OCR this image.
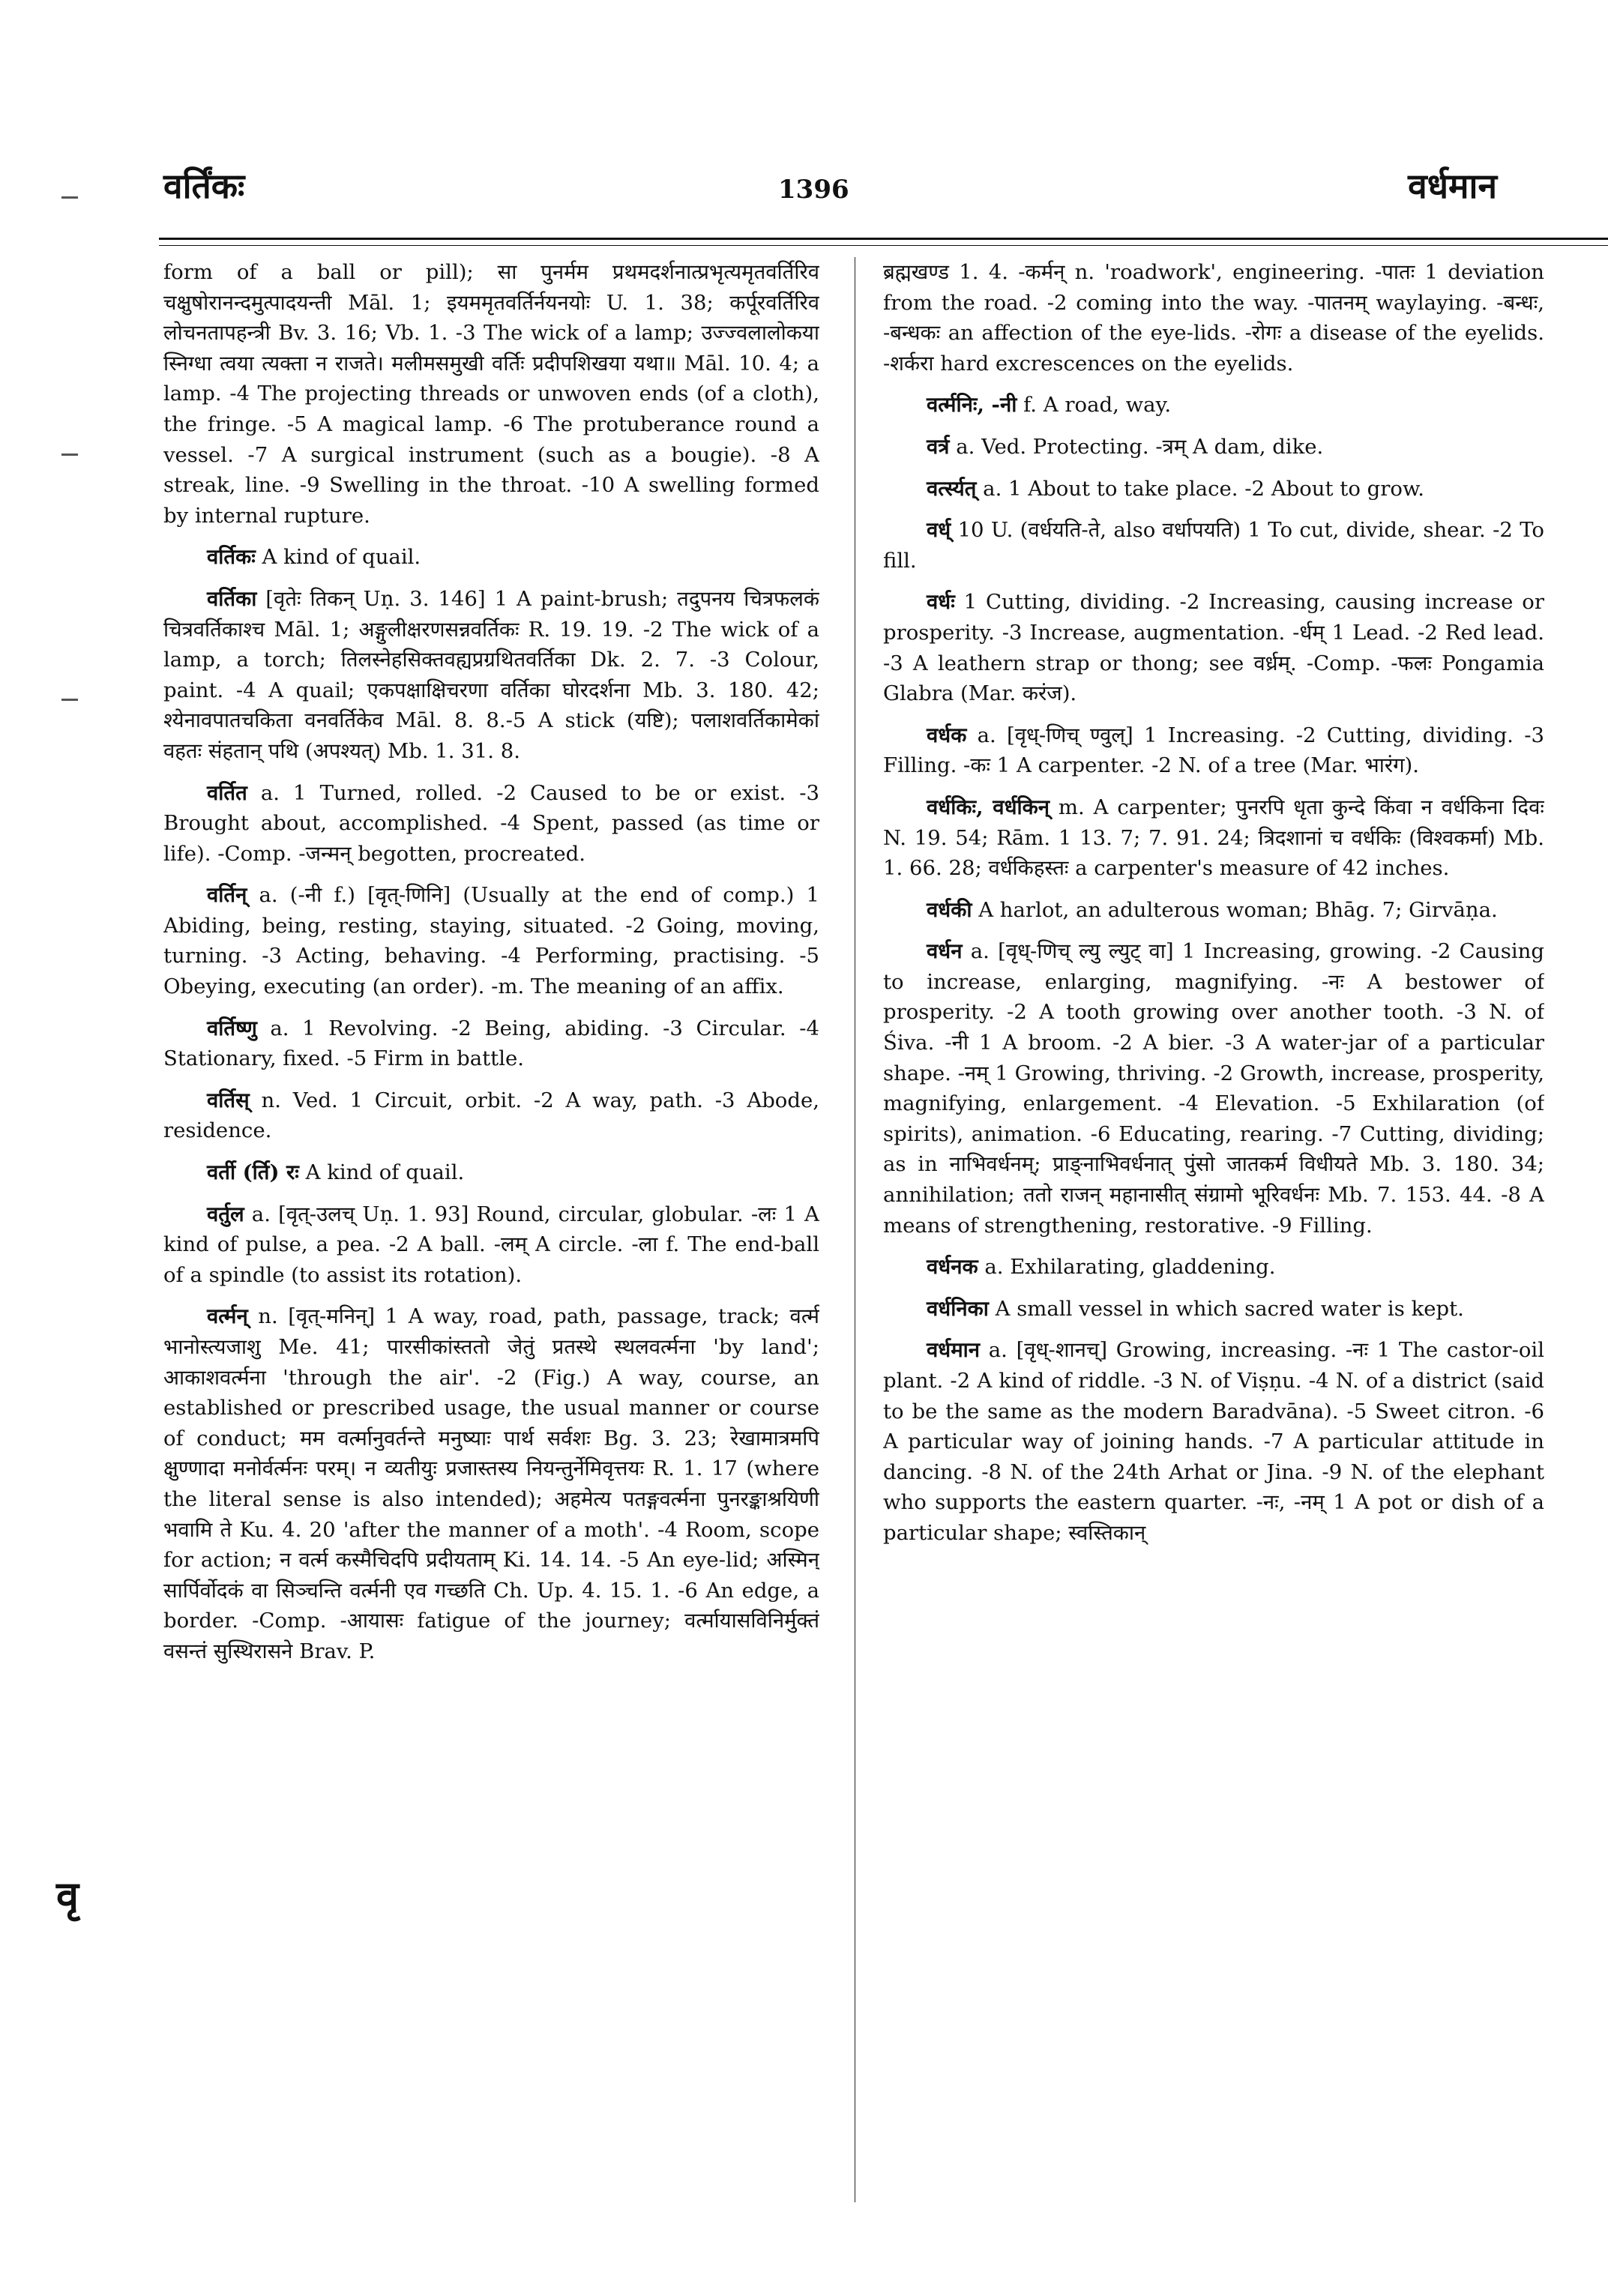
वर्तिंकः	1396	वर्धमान
वृ

form of a ball or pill); सा पुनर्मम प्रथमदर्शनात्प्रभृत्यमृतवर्तिरिव चक्षुषोरानन्दमुत्पादयन्ती Māl. 1; इयममृतवर्तिर्नयनयोः U. 1. 38; कर्पूरवर्तिरिव लोचनतापहन्त्री Bv. 3. 16; Vb. 1. -3 The wick of a lamp; उज्ज्वलालोकया स्निग्धा त्वया त्यक्ता न राजते। मलीमसमुखी वर्तिः प्रदीपशिखया यथा॥ Māl. 10. 4; a lamp. -4 The projecting threads or unwoven ends (of a cloth), the fringe. -5 A magical lamp. -6 The protuberance round a vessel. -7 A surgical instrument (such as a bougie). -8 A streak, line. -9 Swelling in the throat. -10 A swelling formed by internal rupture.

वर्तिकः A kind of quail.

वर्तिका [वृतेः तिकन् Uṇ. 3. 146] 1 A paint-brush; तदुपनय चित्रफलकं चित्रवर्तिकाश्च Māl. 1; अङ्गुलीक्षरणसन्नवर्तिकः R. 19. 19. -2 The wick of a lamp, a torch; तिलस्नेहसिक्तवह्यप्रग्रथितवर्तिका Dk. 2. 7. -3 Colour, paint. -4 A quail; एकपक्षाक्षिचरणा वर्तिका घोरदर्शना Mb. 3. 180. 42; श्येनावपातचकिता वनवर्तिकेव Māl. 8. 8.-5 A stick (यष्टि); पलाशवर्तिकामेकां वहतः संहतान् पथि (अपश्यत्) Mb. 1. 31. 8.

वर्तित a. 1 Turned, rolled. -2 Caused to be or exist. -3 Brought about, accomplished. -4 Spent, passed (as time or life). -Comp. -जन्मन् begotten, procreated.

वर्तिन् a. (-नी f.) [वृत्-णिनि] (Usually at the end of comp.) 1 Abiding, being, resting, staying, situated. -2 Going, moving, turning. -3 Acting, behaving. -4 Performing, practising. -5 Obeying, executing (an order). -m. The meaning of an affix.

वर्तिष्णु a. 1 Revolving. -2 Being, abiding. -3 Circular. -4 Stationary, fixed. -5 Firm in battle.

वर्तिस् n. Ved. 1 Circuit, orbit. -2 A way, path. -3 Abode, residence.

वर्ती (र्ति) रः A kind of quail.

वर्तुल a. [वृत्-उलच् Uṇ. 1. 93] Round, circular, globular. -लः 1 A kind of pulse, a pea. -2 A ball. -लम् A circle. -ला f. The end-ball of a spindle (to assist its rotation).

वर्त्मन् n. [वृत्-मनिन्] 1 A way, road, path, passage, track; वर्त्म भानोस्त्यजाशु Me. 41; पारसीकांस्ततो जेतुं प्रतस्थे स्थलवर्त्मना 'by land'; आकाशवर्त्मना 'through the air'. -2 (Fig.) A way, course, an established or prescribed usage, the usual manner or course of conduct; मम वर्त्मानुवर्तन्ते मनुष्याः पार्थ सर्वशः Bg. 3. 23; रेखामात्रमपि क्षुण्णादा मनोर्वर्त्मनः परम्। न व्यतीयुः प्रजास्तस्य नियन्तुर्नेमिवृत्तयः R. 1. 17 (where the literal sense is also intended); अहमेत्य पतङ्गवर्त्मना पुनरङ्काश्रयिणी भवामि ते Ku. 4. 20 'after the manner of a moth'. -4 Room, scope for action; न वर्त्म कस्मैचिदपि प्रदीयताम् Ki. 14. 14. -5 An eye-lid; अस्मिन् सार्पिर्वोदकं वा सिञ्चन्ति वर्त्मनी एव गच्छति Ch. Up. 4. 15. 1. -6 An edge, a border. -Comp. -आयासः fatigue of the journey; वर्त्मायासविनिर्मुक्तं वसन्तं सुस्थिरासने Brav. P.

ब्रह्मखण्ड 1. 4. -कर्मन् n. 'roadwork', engineering. -पातः 1 deviation from the road. -2 coming into the way. -पातनम् waylaying. -बन्धः, -बन्धकः an affection of the eye-lids. -रोगः a disease of the eyelids. -शर्करा hard excrescences on the eyelids.

वर्त्मनिः, -नी f. A road, way.

वर्त्र a. Ved. Protecting. -त्रम् A dam, dike.

वर्त्स्यत् a. 1 About to take place. -2 About to grow.

वर्ध् 10 U. (वर्धयति-ते, also वर्धापयति) 1 To cut, divide, shear. -2 To fill.

वर्धः 1 Cutting, dividing. -2 Increasing, causing increase or prosperity. -3 Increase, augmentation. -र्धम् 1 Lead. -2 Red lead. -3 A leathern strap or thong; see वर्ध्रम्. -Comp. -फलः Pongamia Glabra (Mar. करंज).

वर्धक a. [वृध्-णिच् ण्वुल्] 1 Increasing. -2 Cutting, dividing. -3 Filling. -कः 1 A carpenter. -2 N. of a tree (Mar. भारंग).

वर्धकिः, वर्धकिन् m. A carpenter; पुनरपि धृता कुन्दे किंवा न वर्धकिना दिवः N. 19. 54; Rām. 1 13. 7; 7. 91. 24; त्रिदशानां च वर्धकिः (विश्वकर्मा) Mb. 1. 66. 28; वर्धकिहस्तः a carpenter's measure of 42 inches.

वर्धकी A harlot, an adulterous woman; Bhāg. 7; Girvāṇa.

वर्धन a. [वृध्-णिच् ल्यु ल्युट् वा] 1 Increasing, growing. -2 Causing to increase, enlarging, magnifying. -नः A bestower of prosperity. -2 A tooth growing over another tooth. -3 N. of Śiva. -नी 1 A broom. -2 A bier. -3 A water-jar of a particular shape. -नम् 1 Growing, thriving. -2 Growth, increase, prosperity, magnifying, enlargement. -4 Elevation. -5 Exhilaration (of spirits), animation. -6 Educating, rearing. -7 Cutting, dividing; as in नाभिवर्धनम्; प्राङ्नाभिवर्धनात् पुंसो जातकर्म विधीयते Mb. 3. 180. 34; annihilation; ततो राजन् महानासीत् संग्रामो भूरिवर्धनः Mb. 7. 153. 44. -8 A means of strengthening, restorative. -9 Filling.

वर्धनक a. Exhilarating, gladdening.

वर्धनिका A small vessel in which sacred water is kept.

वर्धमान a. [वृध्-शानच्] Growing, increasing. -नः 1 The castor-oil plant. -2 A kind of riddle. -3 N. of Viṣṇu. -4 N. of a district (said to be the same as the modern Baradvāna). -5 Sweet citron. -6 A particular way of joining hands. -7 A particular attitude in dancing. -8 N. of the 24th Arhat or Jina. -9 N. of the elephant who supports the eastern quarter. -नः, -नम् 1 A pot or dish of a particular shape; स्वस्तिकान्
